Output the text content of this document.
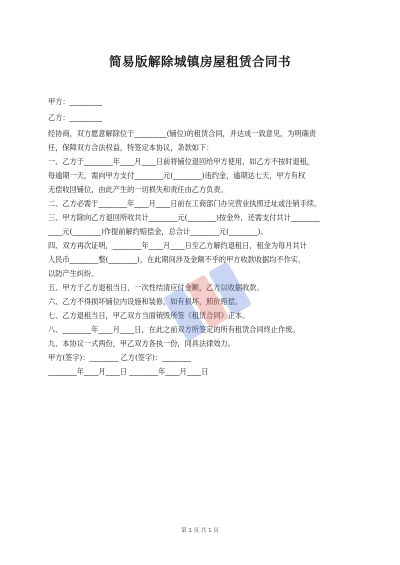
简易版解除城镇房屋租赁合同书
甲方：_________
乙方：_________
经协商，双方愿意解除位于_________(铺位)的租赁合同，并达成一致意见，为明确责
任，保障双方合法权益，特签定本协议，条款如下：
一、乙方于________年____月____日前将铺位退回给甲方使用，如乙方不按时退租，
每逾期一天，需向甲方支付________元(________)违约金，逾期达七天，甲方有权
无偿收回铺位，由此产生的一切损失和责任由乙方负责。
二、乙方必需于________年____月____日前在工商部门办完营业执照迁址或注销手续。
三、甲方除向乙方退回所收共计________元(________)按金外，还需支付共计________
____元(________)作提前解约赔偿金，总合计________元(________)。
四、双方再次证明，________年____月____日至乙方解约退租日，租金为每月共计
人民币________整(________)，在此期间涉及金额不乎的甲方收款收据均不作实，
以防产生纠纷。
五、甲方于乙方退租当日，一次性结清应付金额，乙方以收据收款。
六、乙方不得损坏铺位内设施和装修，如有损坏，照价赔偿。
七、乙方退租当日，甲乙双方当面销毁所签《租赁合同》正本。
八、________年____月____日，在此之前双方所签定的所有租赁合同终止作废。
九、本协议一式两份，甲乙双方各执一份，同具法律效力。
甲方(签字)：________ 乙方(签字)：________
________年____月____日 ________年____月____日
第 1 页 共 1 页
